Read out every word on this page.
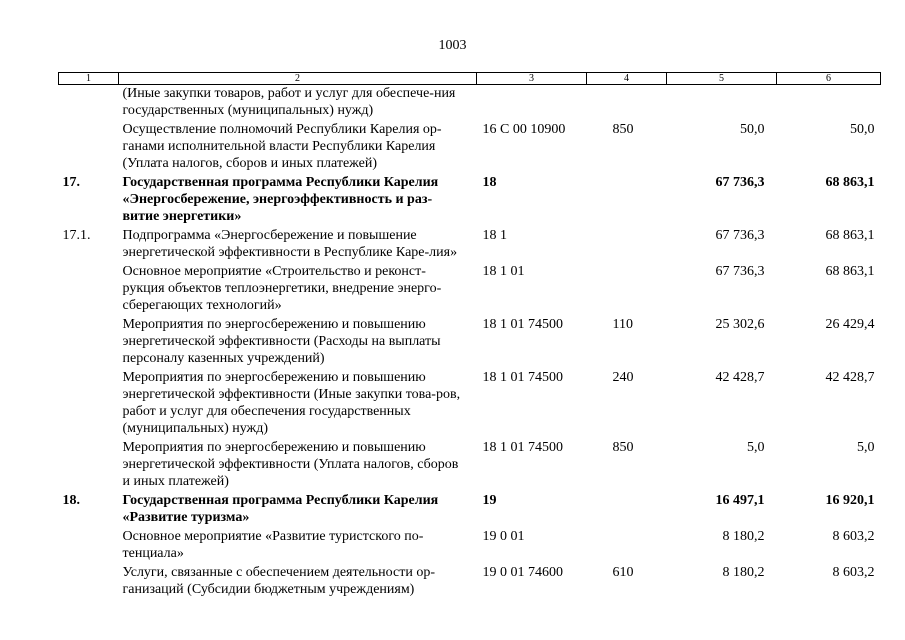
1003
1	2	3	4	5	6
	(Иные закупки товаров, работ и услуг для обеспече-ния государственных (муниципальных) нужд)				
	Осуществление полномочий Республики Карелия ор-ганами исполнительной власти Республики Карелия (Уплата налогов, сборов и иных платежей)	16 С 00 10900	850	50,0	50,0
17.	Государственная программа Республики Карелия «Энергосбережение, энергоэффективность и раз-витие энергетики»	18		67 736,3	68 863,1
17.1.	Подпрограмма «Энергосбережение и повышение энергетической эффективности в Республике Каре-лия»	18 1		67 736,3	68 863,1
	Основное мероприятие «Строительство и реконст-рукция объектов теплоэнергетики, внедрение энерго-сберегающих технологий»	18 1 01		67 736,3	68 863,1
	Мероприятия по энергосбережению и повышению энергетической эффективности (Расходы на выплаты персоналу казенных учреждений)	18 1 01 74500	110	25 302,6	26 429,4
	Мероприятия по энергосбережению и повышению энергетической эффективности (Иные закупки това-ров, работ и услуг для обеспечения государственных (муниципальных) нужд)	18 1 01 74500	240	42 428,7	42 428,7
	Мероприятия по энергосбережению и повышению энергетической эффективности (Уплата налогов, сборов и иных платежей)	18 1 01 74500	850	5,0	5,0
18.	Государственная программа Республики Карелия «Развитие туризма»	19		16 497,1	16 920,1
	Основное мероприятие «Развитие туристского по-тенциала»	19 0 01		8 180,2	8 603,2
	Услуги, связанные с обеспечением деятельности ор-ганизаций (Субсидии бюджетным учреждениям)	19 0 01 74600	610	8 180,2	8 603,2
